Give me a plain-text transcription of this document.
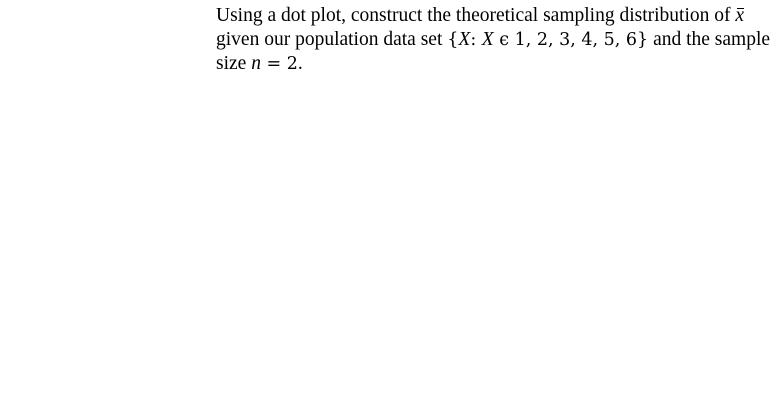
Using a dot plot, construct the theoretical sampling distribution of x
given our population data set {X: X ϵ 1, 2, 3, 4, 5, 6} and the sample
size n = 2.
